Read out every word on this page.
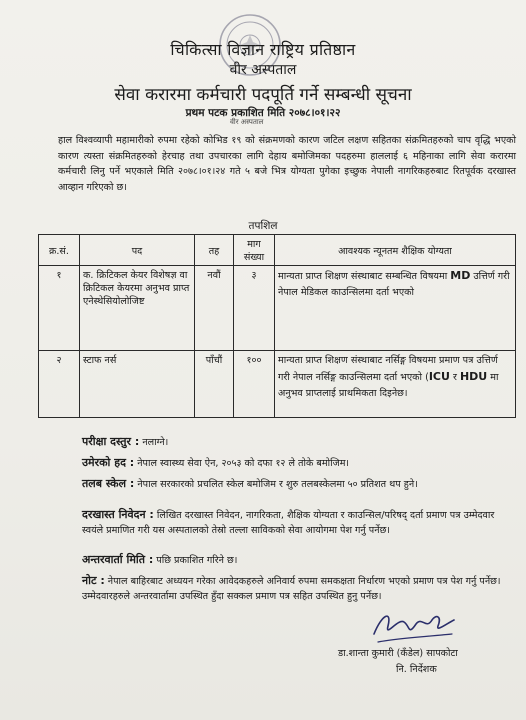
चिकित्सा विज्ञान राष्ट्रिय प्रतिष्ठान
वीर अस्पताल
सेवा करारमा कर्मचारी पदपूर्ति गर्ने सम्बन्धी सूचना
प्रथम पटक प्रकाशित मिति २०७८।०१।२२
वीर अस्पताल
हाल विश्वव्यापी महामारीको रुपमा रहेको कोभिड १९ को संक्रमणको कारण जटिल लक्षण सहितका संक्रमितहरुको चाप वृद्धि भएको कारण त्यस्ता संक्रमितहरुको हेरचाह तथा उपचारका लागि देहाय बमोजिमका पदहरुमा हाललाई ६ महिनाका लागि सेवा करारमा कर्मचारी लिनु पर्ने भएकाले मिति २०७८।०१।२४ गते ५ बजे भित्र योग्यता पुगेका इच्छुक नेपाली नागरिकहरुबाट रितपूर्वक दरखास्त आव्हान गरिएको छ।
तपशिल
क्र.सं.	पद	तह	माग संख्या	आवश्यक न्यूनतम शैक्षिक योग्यता
१	क. क्रिटिकल केयर विशेषज्ञ वा क्रिटिकल केयरमा अनुभव प्राप्त एनेस्थेसियोलोजिष्ट	नवौं	३	मान्यता प्राप्त शिक्षण संस्थाबाट सम्बन्धित विषयमा MD उत्तिर्ण गरी नेपाल मेडिकल काउन्सिलमा दर्ता भएको
२	स्टाफ नर्स	पाँचौं	१००	मान्यता प्राप्त शिक्षण संस्थाबाट नर्सिङ्ग विषयमा प्रमाण पत्र उत्तिर्ण गरी नेपाल नर्सिङ्ग काउन्सिलमा दर्ता भएको (ICU र HDU मा अनुभव प्राप्तलाई प्राथमिकता दिइनेछ।
परीक्षा दस्तुर : नलाग्ने।
उमेरको हद : नेपाल स्वास्थ्य सेवा ऐन, २०५३ को दफा १२ ले तोके बमोजिम।
तलब स्केल : नेपाल सरकारको प्रचलित स्केल बमोजिम र शुरु तलबस्केलमा ५० प्रतिशत थप हुने।
दरखास्त निवेदन : लिखित दरखास्त निवेदन, नागरिकता, शैक्षिक योग्यता र काउन्सिल/परिषद् दर्ता प्रमाण पत्र उम्मेदवार स्वयंले प्रमाणित गरी यस अस्पतालको तेस्रो तल्ला साविकको सेवा आयोगमा पेश गर्नु पर्नेछ।
अन्तरवार्ता मिति : पछि प्रकाशित गरिने छ।
नोट : नेपाल बाहिरबाट अध्ययन गरेका आवेदकहरुले अनिवार्य रुपमा समकक्षता निर्धारण भएको प्रमाण पत्र पेश गर्नु पर्नेछ। उम्मेदवारहरुले अन्तरवार्तामा उपस्थित हुँदा सक्कल प्रमाण पत्र सहित उपस्थित हुनु पर्नेछ।
डा.शान्ता कुमारी (कँडेल) सापकोटा
नि. निर्देशक
